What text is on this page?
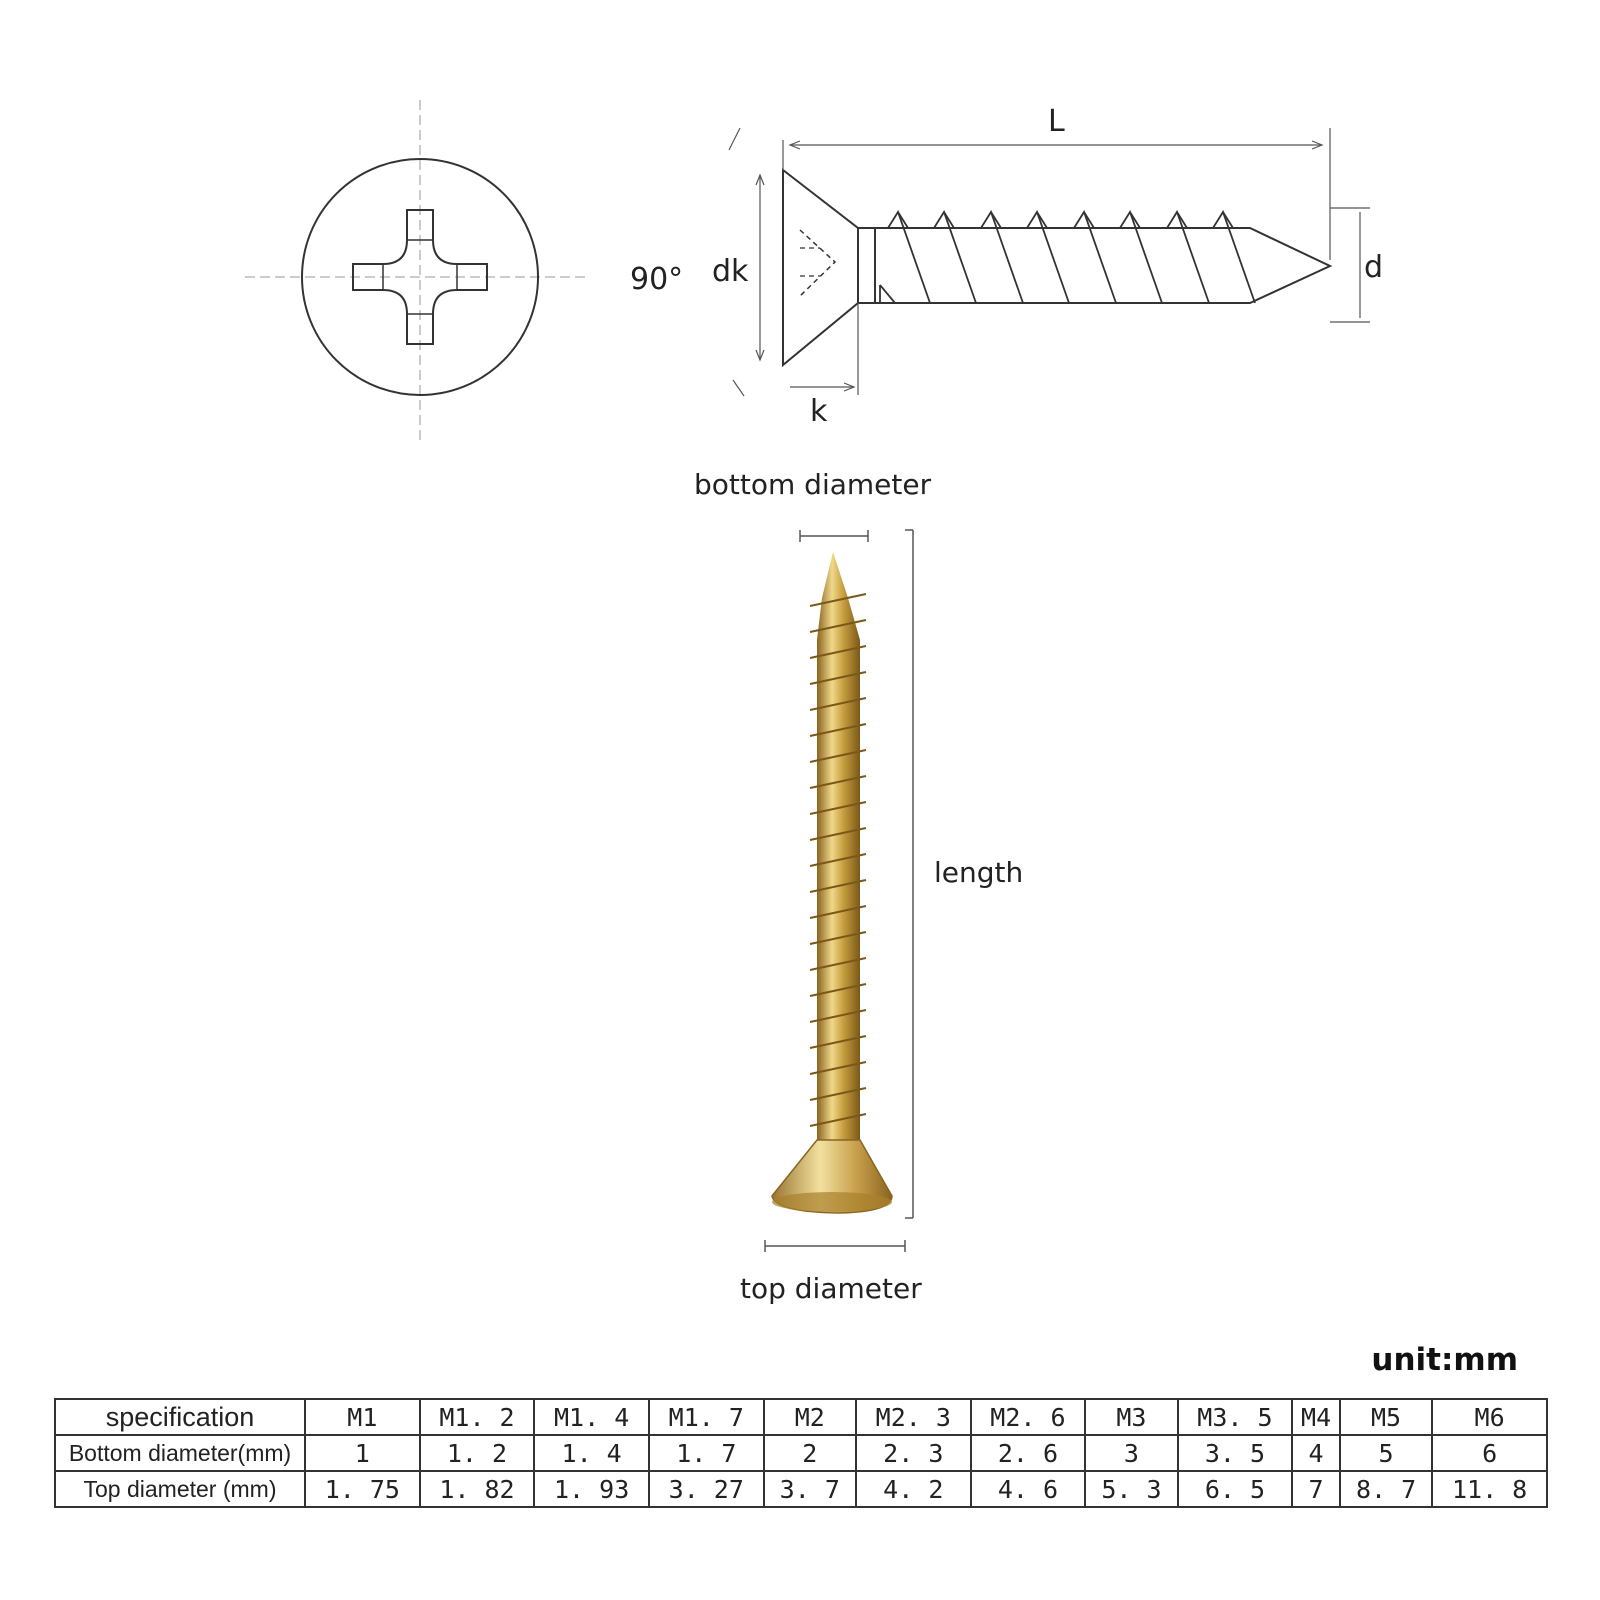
90° dk
k
L
d
bottom diameter
length
top diameter
unit:mm
specification	M1	M1. 2	M1. 4	M1. 7	M2	M2. 3	M2. 6	M3	M3. 5	M4	M5	M6
Bottom diameter(mm)	1	1. 2	1. 4	1. 7	2	2. 3	2. 6	3	3. 5	4	5	6
Top diameter (mm)	1. 75	1. 82	1. 93	3. 27	3. 7	4. 2	4. 6	5. 3	6. 5	7	8. 7	11. 8
